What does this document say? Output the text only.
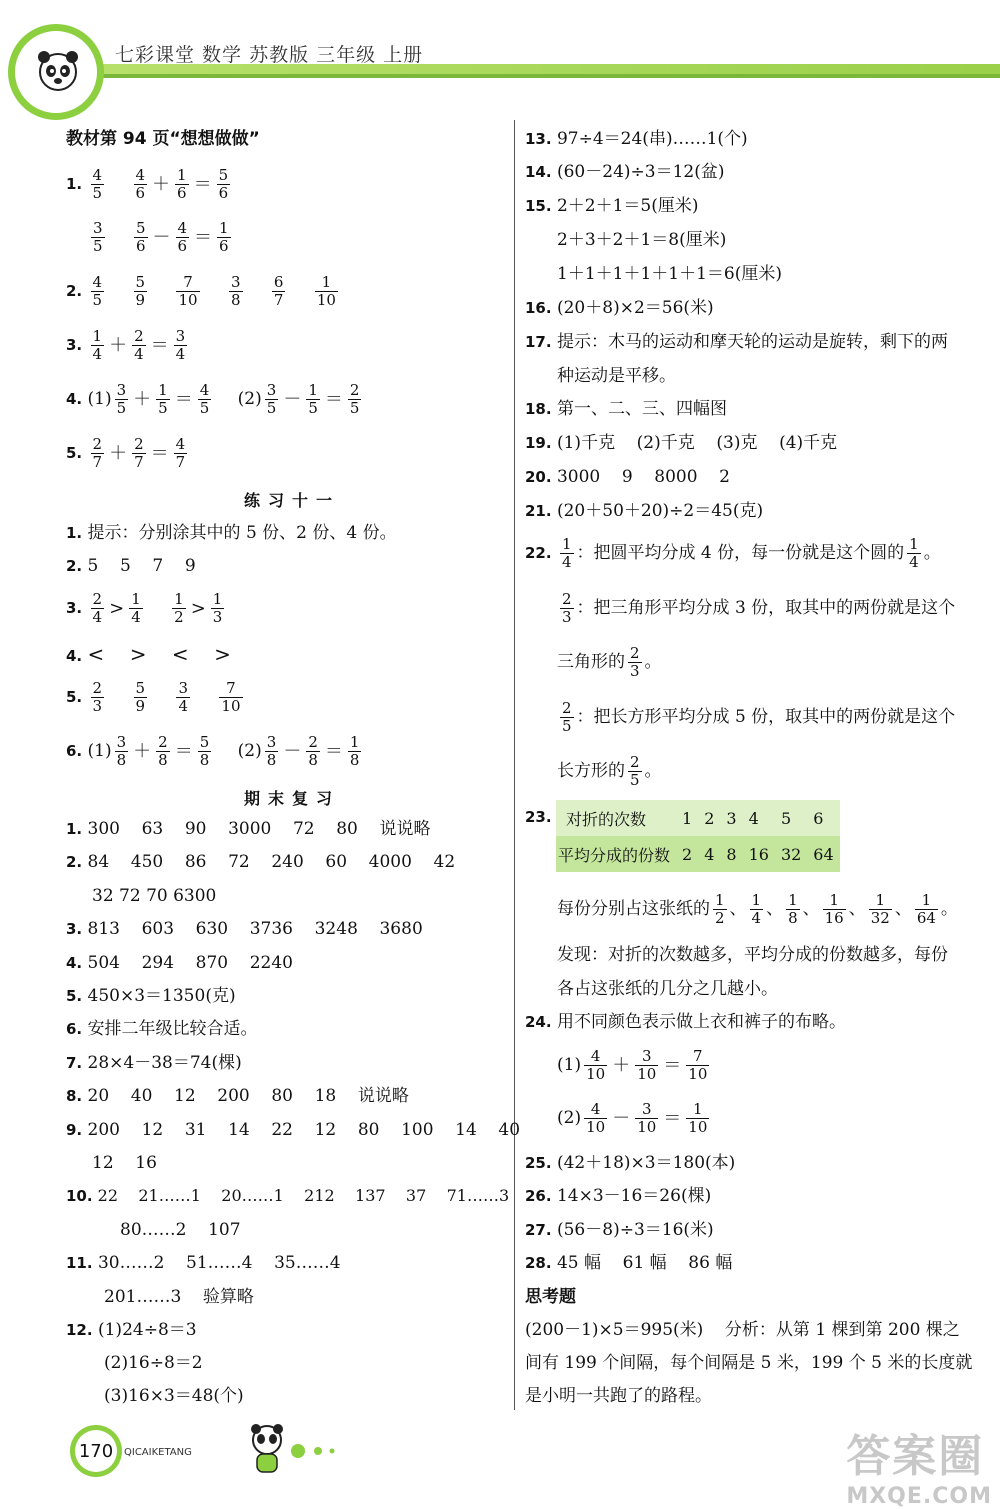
七彩课堂 数学 苏教版 三年级 上册
教材第 94 页“想想做做”
1. $\frac{4}{5}$
$\frac{4}{6} + \frac{1}{6} = \frac{5}{6}$
$\frac{3}{5}$
$\frac{5}{6} - \frac{4}{6} = \frac{1}{6}$
2. $\frac{4}{5}$
$\frac{5}{9}$
$\frac{7}{10}$
$\frac{3}{8}$
$\frac{6}{7}$
$\frac{1}{10}$
3. $\frac{1}{4} + \frac{2}{4} = \frac{3}{4}$
4. $(1) \frac{3}{5} + \frac{1}{5} = \frac{4}{5} (2) \frac{3}{5} - \frac{1}{5} = \frac{2}{5}$
5. $\frac{2}{7} + \frac{2}{7} = \frac{4}{7}$
练习十一
1. 提示：分别涂其中的 5 份、2 份、4 份。
2. 5    5    7    9
3. $\frac{2}{4} > \frac{1}{4}$
$\frac{1}{2} > \frac{1}{3}$
4. <    >    <    >
5. $\frac{2}{3}$
$\frac{5}{9}$
$\frac{3}{4}$
$\frac{7}{10}$
6. $(1) \frac{3}{8} + \frac{2}{8} = \frac{5}{8} (2) \frac{3}{8} - \frac{2}{8} = \frac{1}{8}$
期末复习
1. 300    63    90    3000    72    80    说说略
2. 84    450    86    72    240    60    4000    42
32 72 70 6300
3. 813    603    630    3736    3248    3680
4. 504    294    870    2240
5. 450×3＝1350(克)
6. 安排二年级比较合适。
7. 28×4－38＝74(棵)
8. 20    40    12    200    80    18    说说略
9. 200    12    31    14    22    12    80    100    14    40
12    16
10. 22    21……1    20……1    212    137    37    71……3
80……2    107
11. 30……2    51……4    35……4
201……3    验算略
12. (1)24÷8＝3
(2)16÷8＝2
(3)16×3＝48(个)
13. 97÷4＝24(串)……1(个)
14. (60－24)÷3＝12(盆)
15. 2＋2＋1＝5(厘米)
2＋3＋2＋1＝8(厘米)
1＋1＋1＋1＋1＋1＝6(厘米)
16. (20＋8)×2＝56(米)
17. 提示：木马的运动和摩天轮的运动是旋转，剩下的两
种运动是平移。
18. 第一、二、三、四幅图
19. (1)千克    (2)千克    (3)克    (4)千克
20. 3000    9    8000    2
21. (20＋50＋20)÷2＝45(克)
22. $\frac{1}{4}$ ：把圆平均分成 4 份，每一份就是这个圆的 $\frac{1}{4}$ 。
$\frac{2}{3}$ ：把三角形平均分成 3 份，取其中的两份就是这个
三角形的 $\frac{2}{3}$ 。
$\frac{2}{5}$ ：把长方形平均分成 5 份，取其中的两份就是这个
长方形的 $\frac{2}{5}$ 。
23. 对折的次数	1	2	3	4	5	6
平均分成的份数	2	4	8	16	32	64
每份分别占这张纸的 $\frac{1}{2}$ 、 $\frac{1}{4}$ 、 $\frac{1}{8}$ 、 $\frac{1}{16}$ 、 $\frac{1}{32}$ 、 $\frac{1}{64}$ 。
发现：对折的次数越多，平均分成的份数越多，每份
各占这张纸的几分之几越小。
24. 用不同颜色表示做上衣和裤子的布略。
$(1) \frac{4}{10} + \frac{3}{10} = \frac{7}{10}$
$(2) \frac{4}{10} - \frac{3}{10} = \frac{1}{10}$
25. (42＋18)×3＝180(本)
26. 14×3－16＝26(棵)
27. (56－8)÷3＝16(米)
28. 45 幅    61 幅    86 幅
思考题
(200－1)×5＝995(米)    分析：从第 1 棵到第 200 棵之
间有 199 个间隔，每个间隔是 5 米，199 个 5 米的长度就
是小明一共跑了的路程。
170	QICAIKETANG	答案圈
MXQE.COM
